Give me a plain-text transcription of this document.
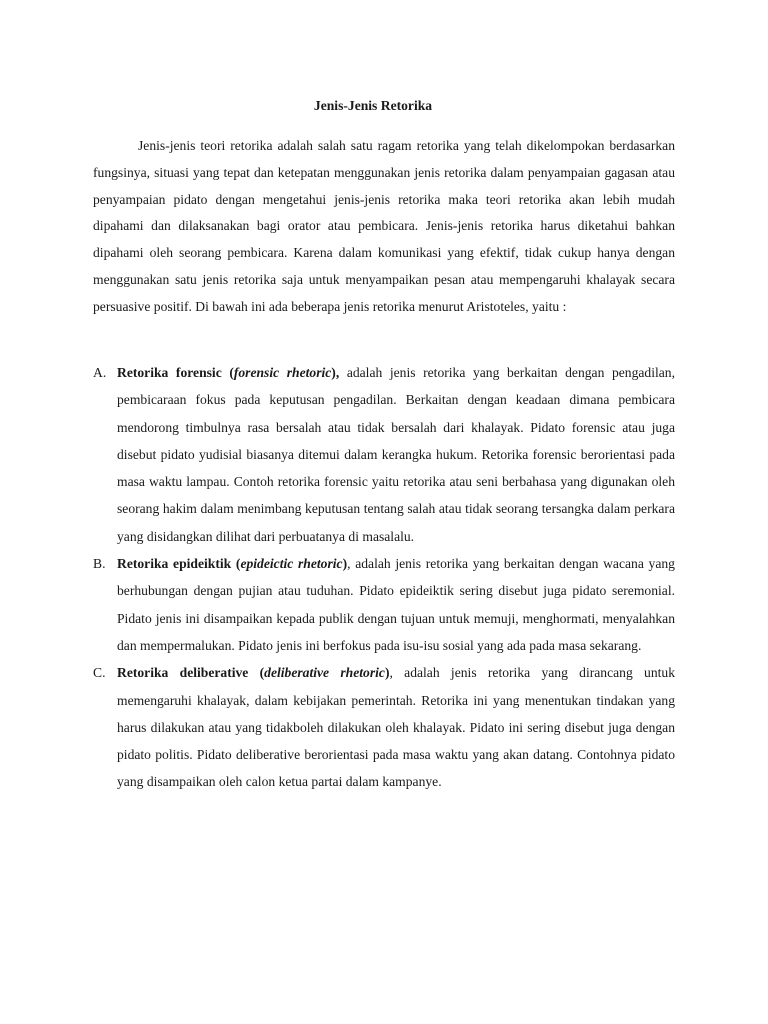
Jenis-Jenis Retorika

Jenis-jenis teori retorika adalah salah satu ragam retorika yang telah dikelompokan berdasarkan fungsinya, situasi yang tepat dan ketepatan menggunakan jenis retorika dalam penyampaian gagasan atau penyampaian pidato dengan mengetahui jenis-jenis retorika maka teori retorika akan lebih mudah dipahami dan dilaksanakan bagi orator atau pembicara. Jenis-jenis retorika harus diketahui bahkan dipahami oleh seorang pembicara. Karena dalam komunikasi yang efektif, tidak cukup hanya dengan menggunakan satu jenis retorika saja untuk menyampaikan pesan atau mempengaruhi khalayak secara persuasive positif. Di bawah ini ada beberapa jenis retorika menurut Aristoteles, yaitu :

A. Retorika forensic (forensic rhetoric), adalah jenis retorika yang berkaitan dengan pengadilan, pembicaraan fokus pada keputusan pengadilan. Berkaitan dengan keadaan dimana pembicara mendorong timbulnya rasa bersalah atau tidak bersalah dari khalayak. Pidato forensic atau juga disebut pidato yudisial biasanya ditemui dalam kerangka hukum. Retorika forensic berorientasi pada masa waktu lampau. Contoh retorika forensic yaitu retorika atau seni berbahasa yang digunakan oleh seorang hakim dalam menimbang keputusan tentang salah atau tidak seorang tersangka dalam perkara yang disidangkan dilihat dari perbuatanya di masalalu.
B. Retorika epideiktik (epideictic rhetoric), adalah jenis retorika yang berkaitan dengan wacana yang berhubungan dengan pujian atau tuduhan. Pidato epideiktik sering disebut juga pidato seremonial. Pidato jenis ini disampaikan kepada publik dengan tujuan untuk memuji, menghormati, menyalahkan dan mempermalukan. Pidato jenis ini berfokus pada isu-isu sosial yang ada pada masa sekarang.
C. Retorika deliberative (deliberative rhetoric), adalah jenis retorika yang dirancang untuk memengaruhi khalayak, dalam kebijakan pemerintah. Retorika ini yang menentukan tindakan yang harus dilakukan atau yang tidakboleh dilakukan oleh khalayak. Pidato ini sering disebut juga dengan pidato politis. Pidato deliberative berorientasi pada masa waktu yang akan datang. Contohnya pidato yang disampaikan oleh calon ketua partai dalam kampanye.
